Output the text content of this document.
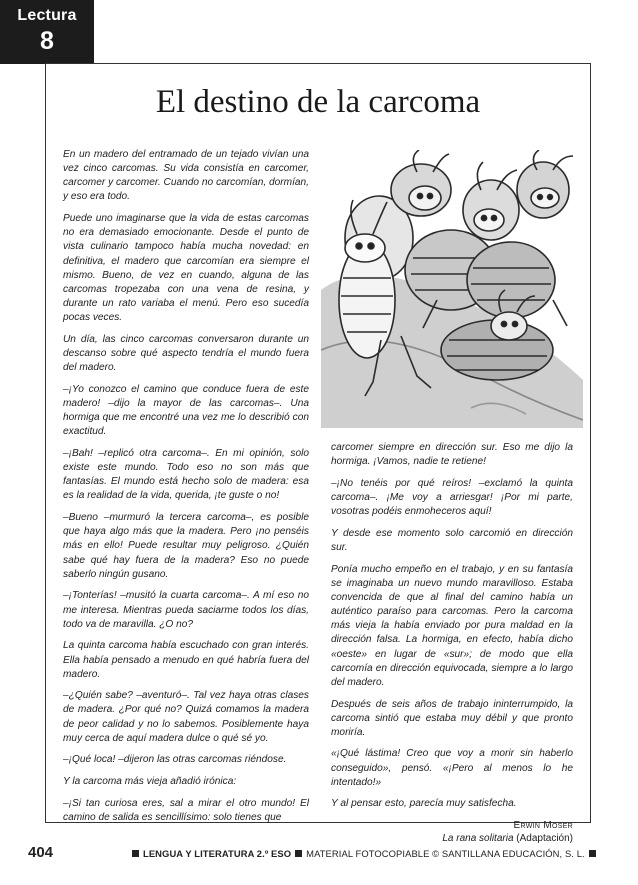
Lectura
8
El destino de la carcoma

En un madero del entramado de un tejado vivían una vez cinco carcomas. Su vida consistía en carcomer, carcomer y carcomer. Cuando no carcomían, dormían, y eso era todo.

Puede uno imaginarse que la vida de estas carcomas no era demasiado emocionante. Desde el punto de vista culinario tampoco había mucha novedad: en definitiva, el madero que carcomían era siempre el mismo. Bueno, de vez en cuando, alguna de las carcomas tropezaba con una vena de resina, y durante un rato variaba el menú. Pero eso sucedía pocas veces.

Un día, las cinco carcomas conversaron durante un descanso sobre qué aspecto tendría el mundo fuera del madero.

–¡Yo conozco el camino que conduce fuera de este madero! –dijo la mayor de las carcomas–. Una hormiga que me encontré una vez me lo describió con exactitud.

–¡Bah! –replicó otra carcoma–. En mi opinión, solo existe este mundo. Todo eso no son más que fantasías. El mundo está hecho solo de madera: esa es la realidad de la vida, querida, ¡te guste o no!

–Bueno –murmuró la tercera carcoma–, es posible que haya algo más que la madera. Pero ¡no penséis más en ello! Puede resultar muy peligroso. ¿Quién sabe qué hay fuera de la madera? Eso no puede saberlo ningún gusano.

–¡Tonterías! –musitó la cuarta carcoma–. A mí eso no me interesa. Mientras pueda saciarme todos los días, todo va de maravilla. ¿O no?

La quinta carcoma había escuchado con gran interés. Ella había pensado a menudo en qué habría fuera del madero.

–¿Quién sabe? –aventuró–. Tal vez haya otras clases de madera. ¿Por qué no? Quizá comamos la madera de peor calidad y no lo sabemos. Posiblemente haya muy cerca de aquí madera dulce o qué sé yo.

–¡Qué loca! –dijeron las otras carcomas riéndose.

Y la carcoma más vieja añadió irónica:

–¡Si tan curiosa eres, sal a mirar el otro mundo! El camino de salida es sencillísimo: solo tienes que

carcomer siempre en dirección sur. Eso me dijo la hormiga. ¡Vamos, nadie te retiene!

–¡No tenéis por qué reíros! –exclamó la quinta carcoma–. ¡Me voy a arriesgar! ¡Por mi parte, vosotras podéis enmoheceros aquí!

Y desde ese momento solo carcomió en dirección sur.

Ponía mucho empeño en el trabajo, y en su fantasía se imaginaba un nuevo mundo maravilloso. Estaba convencida de que al final del camino había un auténtico paraíso para carcomas. Pero la carcoma más vieja la había enviado por pura maldad en la dirección falsa. La hormiga, en efecto, había dicho «oeste» en lugar de «sur»; de modo que ella carcomía en dirección equivocada, siempre a lo largo del madero.

Después de seis años de trabajo ininterrumpido, la carcoma sintió que estaba muy débil y que pronto moriría.

«¡Qué lástima! Creo que voy a morir sin haberlo conseguido», pensó. «¡Pero al menos lo he intentado!»

Y al pensar esto, parecía muy satisfecha.

Erwin Moser
La rana solitaria (Adaptación)
404	LENGUA Y LITERATURA 2.º ESO MATERIAL FOTOCOPIABLE © SANTILLANA EDUCACIÓN, S. L.
